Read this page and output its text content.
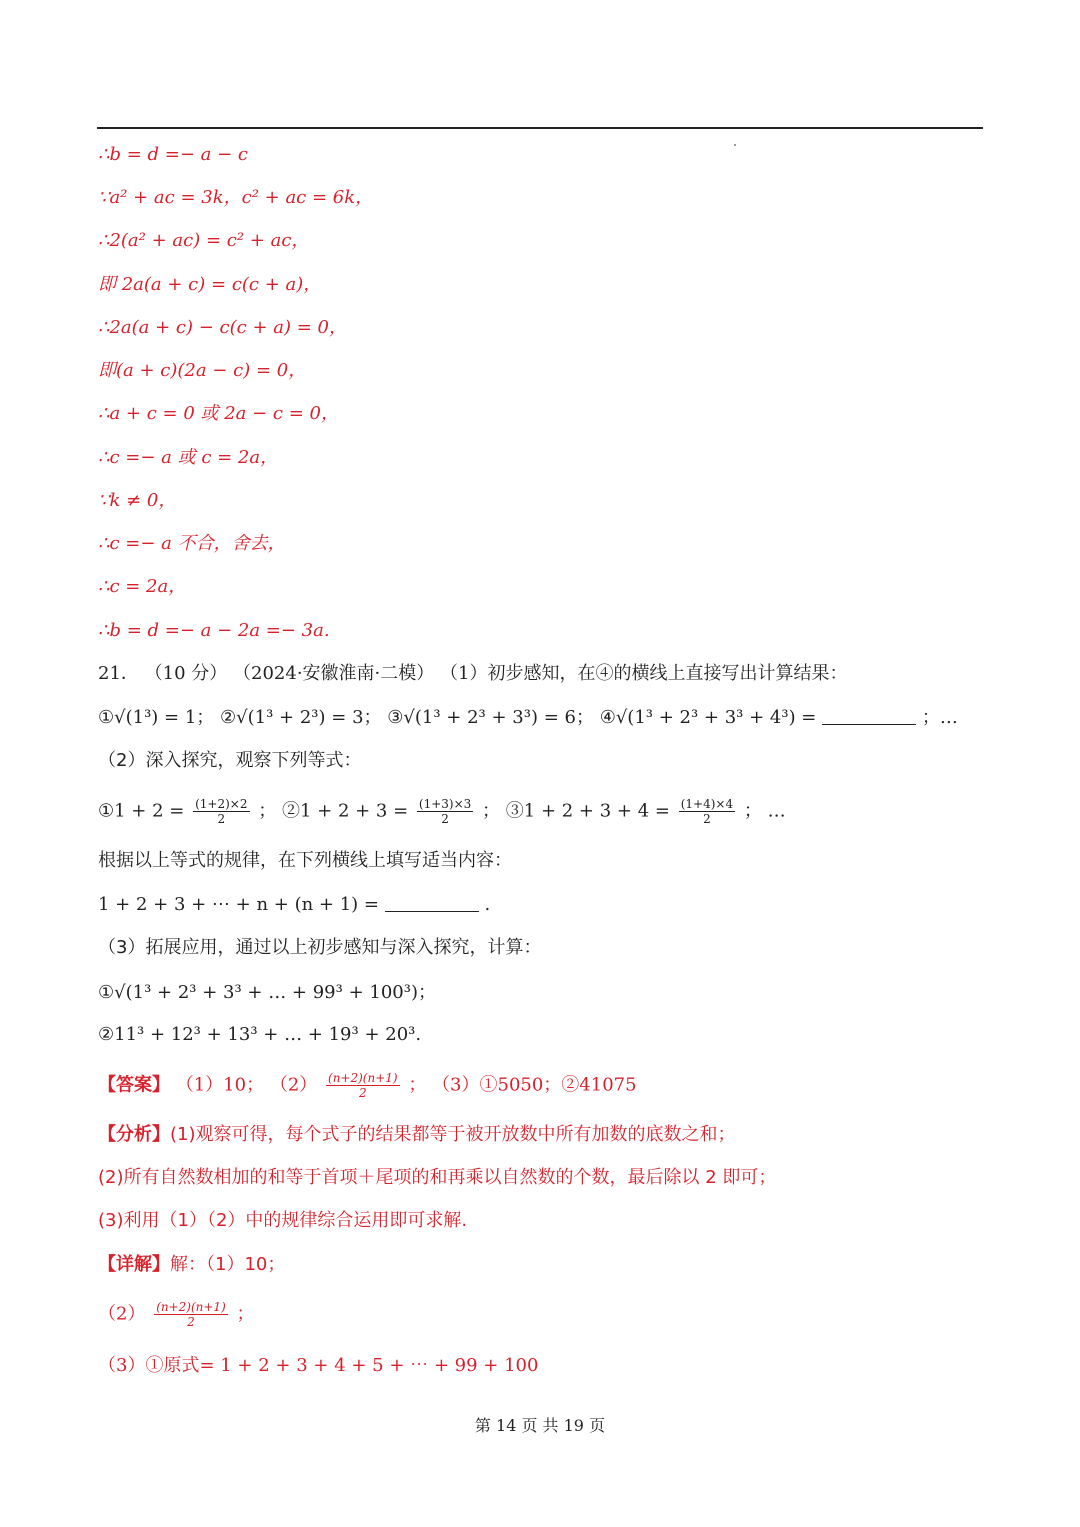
∴b = d =− a − c
∵a² + ac = 3k，c² + ac = 6k，
∴2(a² + ac) = c² + ac，
即 2a(a + c) = c(c + a)，
∴2a(a + c) − c(c + a) = 0，
即(a + c)(2a − c) = 0，
∴a + c = 0 或 2a − c = 0，
∴c =− a 或 c = 2a，
∵k ≠ 0，
∴c =− a 不合，舍去，
∴c = 2a，
∴b = d =− a − 2a =− 3a.
21． （10 分） （2024·安徽淮南·二模） （1）初步感知，在④的横线上直接写出计算结果：
①√(1³) = 1； ②√(1³ + 2³) = 3； ③√(1³ + 2³ + 3³) = 6； ④√(1³ + 2³ + 3³ + 4³) =	；…
（2）深入探究，观察下列等式：
①1 + $2 = \frac{(1+2)\times 2}{2}$ ； ②1 + $2 + 3 = \frac{(1+3)\times 3}{2}$ ； ③1 + $2 + 3 + 4 = \frac{(1+4)\times 4}{2}$ ； …
根据以上等式的规律，在下列横线上填写适当内容：
1 + 2 + 3 + ⋯ + n + (n + 1) =	.
（3）拓展应用，通过以上初步感知与深入探究，计算：
①√(1³ + 2³ + 3³ + … + 99³ + 100³)；
②11³ + 12³ + 13³ + … + 19³ + 20³.
【答案】 （1）10； $(2) \frac{(n+2)(n+1)}{2}$ ； （3）①5050；②41075
【分析】(1)观察可得，每个式子的结果都等于被开放数中所有加数的底数之和；
(2)所有自然数相加的和等于首项＋尾项的和再乘以自然数的个数，最后除以 2 即可；
(3)利用（1）（2）中的规律综合运用即可求解.
【详解】解：（1）10；
$(2) \frac{(n+2)(n+1)}{2}$ ；
（3）①原式= 1 + 2 + 3 + 4 + 5 + ⋯ + 99 + 100
第 14 页 共 19 页
